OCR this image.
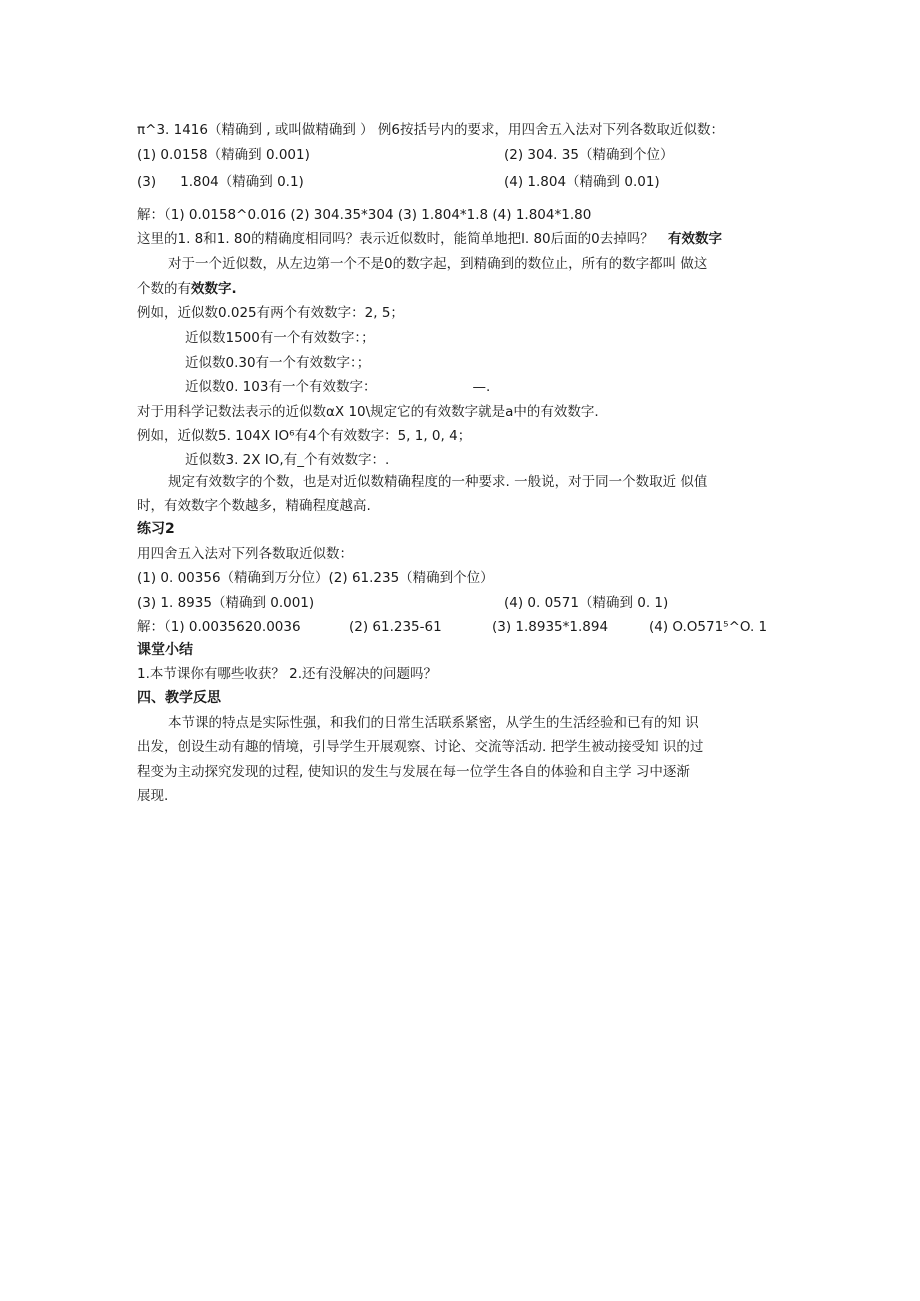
π^3. 1416（精确到 , 或叫做精确到 ） 例6按括号内的要求，用四舍五入法对下列各数取近似数：
(1) 0.0158（精确到 0.001)	(2) 304. 35（精确到个位）
(3) 1.804（精确到 0.1)	(4) 1.804（精确到 0.01)
解：（1) 0.0158^0.016 (2) 304.35*304 (3) 1.804*1.8 (4) 1.804*1.80
这里的1. 8和1. 80的精确度相同吗？表示近似数时，能简单地把l. 80后面的0去掉吗？ 有效数字
对于一个近似数，从左边第一个不是0的数字起，到精确到的数位止，所有的数字都叫 做这
个数的有效数字.
例如，近似数0.025有两个有效数字：2, 5；
近似数1500有一个有效数字：；
近似数0.30有一个有效数字：；
近似数0. 103有一个有效数字：	—.
对于用科学记数法表示的近似数αX 10\规定它的有效数字就是a中的有效数字.
例如，近似数5. 104X IO⁶有4个有效数字：5, 1, 0, 4；
近似数3. 2X IO,有_个有效数字：.
规定有效数字的个数，也是对近似数精确程度的一种要求. 一般说，对于同一个数取近 似值
时，有效数字个数越多，精确程度越高.
练习2
用四舍五入法对下列各数取近似数：
(1) 0. 00356（精确到万分位）(2) 61.235（精确到个位）
(3) 1. 8935（精确到 0.001)	(4) 0. 0571（精确到 0. 1)
解：（1) 0.0035620.0036	(2) 61.235-61	(3) 1.8935*1.894	(4) O.O571⁵^O. 1
课堂小结
1.本节课你有哪些收获？ 2.还有没解决的问题吗？
四、教学反思
本节课的特点是实际性强，和我们的日常生活联系紧密，从学生的生活经验和已有的知 识
出发，创设生动有趣的情境，引导学生开展观察、讨论、交流等活动. 把学生被动接受知 识的过
程变为主动探究发现的过程, 使知识的发生与发展在每一位学生各自的体验和自主学 习中逐渐
展现.
